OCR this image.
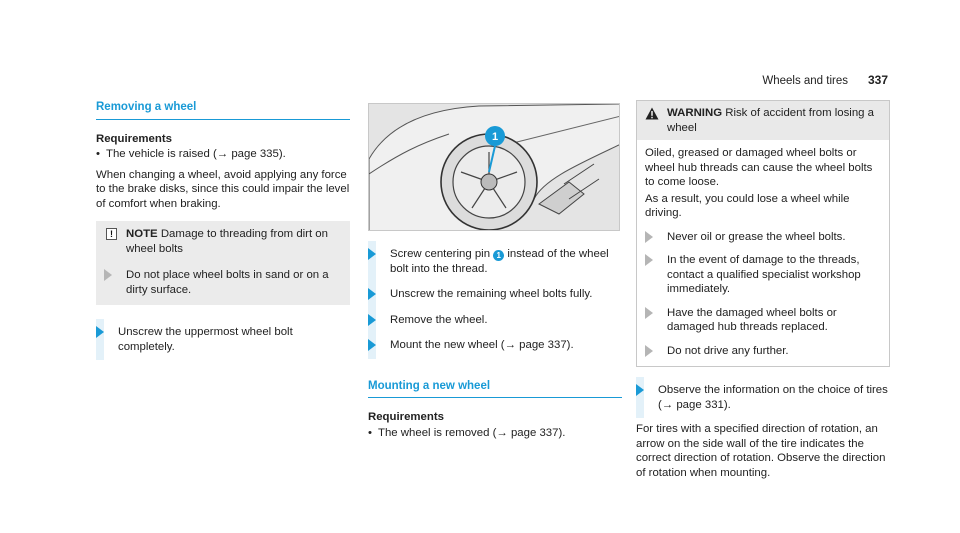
Wheels and tires 337
Removing a wheel
Requirements
• The vehicle is raised (→ page 335).

When changing a wheel, avoid applying any force to the brake disks, since this could impair the level of comfort when braking.

!	NOTE Damage to threading from dirt on wheel bolts
Do not place wheel bolts in sand or on a dirty surface.
Unscrew the uppermost wheel bolt completely.
1
Screw centering pin 1 instead of the wheel bolt into the thread.
Unscrew the remaining wheel bolts fully.
Remove the wheel.
Mount the new wheel (→ page 337).
Mounting a new wheel
Requirements
• The wheel is removed (→ page 337).
WARNING Risk of accident from losing a wheel

Oiled, greased or damaged wheel bolts or wheel hub threads can cause the wheel bolts to come loose.

As a result, you could lose a wheel while driving.

Never oil or grease the wheel bolts.
In the event of damage to the threads, contact a qualified specialist workshop immediately.
Have the damaged wheel bolts or damaged hub threads replaced.
Do not drive any further.
Observe the information on the choice of tires (→ page 331).

For tires with a specified direction of rotation, an arrow on the side wall of the tire indicates the correct direction of rotation. Observe the direction of rotation when mounting.
